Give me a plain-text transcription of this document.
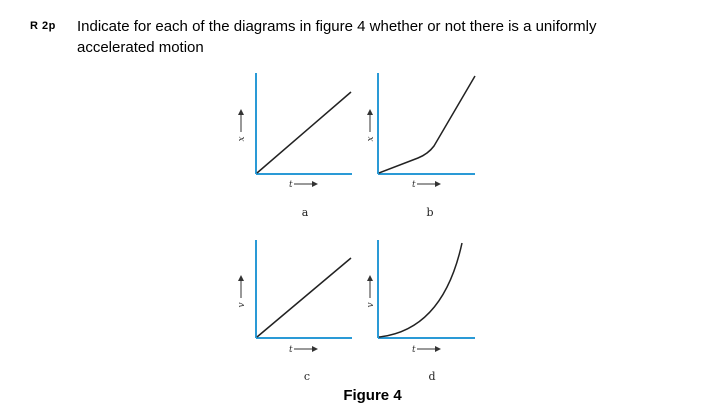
R 2p Indicate for each of the diagrams in figure 4 whether or not there is a uniformly accelerated motion
x
t
a
x
t
b
v
t
c
v
t
d
Figure 4
